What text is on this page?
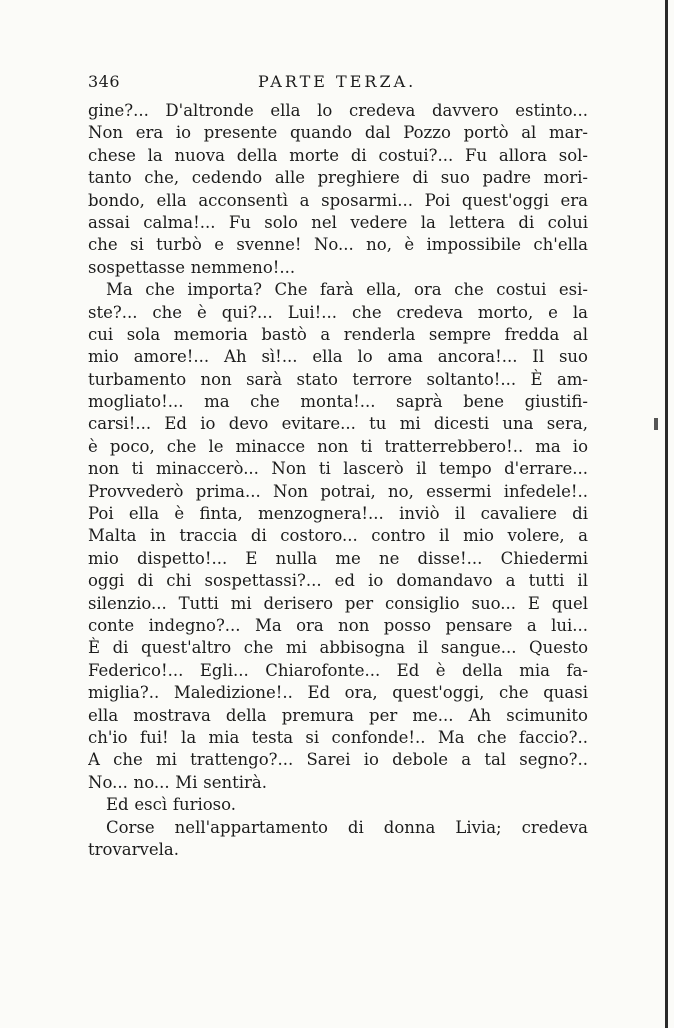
346	PARTE TERZA.
gine?... D'altronde ella lo credeva davvero estinto...
Non era io presente quando dal Pozzo portò al mar-
chese la nuova della morte di costui?... Fu allora sol-
tanto che, cedendo alle preghiere di suo padre mori-
bondo, ella acconsentì a sposarmi... Poi quest'oggi era
assai calma!... Fu solo nel vedere la lettera di colui
che si turbò e svenne! No... no, è impossibile ch'ella
sospettasse nemmeno!...
Ma che importa? Che farà ella, ora che costui esi-
ste?... che è qui?... Lui!... che credeva morto, e la
cui sola memoria bastò a renderla sempre fredda al
mio amore!... Ah sì!... ella lo ama ancora!... Il suo
turbamento non sarà stato terrore soltanto!... È am-
mogliato!... ma che monta!... saprà bene giustifi-
carsi!... Ed io devo evitare... tu mi dicesti una sera,
è poco, che le minacce non ti tratterrebbero!.. ma io
non ti minaccerò... Non ti lascerò il tempo d'errare...
Provvederò prima... Non potrai, no, essermi infedele!..
Poi ella è finta, menzognera!... inviò il cavaliere di
Malta in traccia di costoro... contro il mio volere, a
mio dispetto!... E nulla me ne disse!... Chiedermi
oggi di chi sospettassi?... ed io domandavo a tutti il
silenzio... Tutti mi derisero per consiglio suo... E quel
conte indegno?... Ma ora non posso pensare a lui...
È di quest'altro che mi abbisogna il sangue... Questo
Federico!... Egli... Chiarofonte... Ed è della mia fa-
miglia?.. Maledizione!.. Ed ora, quest'oggi, che quasi
ella mostrava della premura per me... Ah scimunito
ch'io fui! la mia testa si confonde!.. Ma che faccio?..
A che mi trattengo?... Sarei io debole a tal segno?..
No... no... Mi sentirà.
Ed escì furioso.
Corse nell'appartamento di donna Livia; credeva
trovarvela.
